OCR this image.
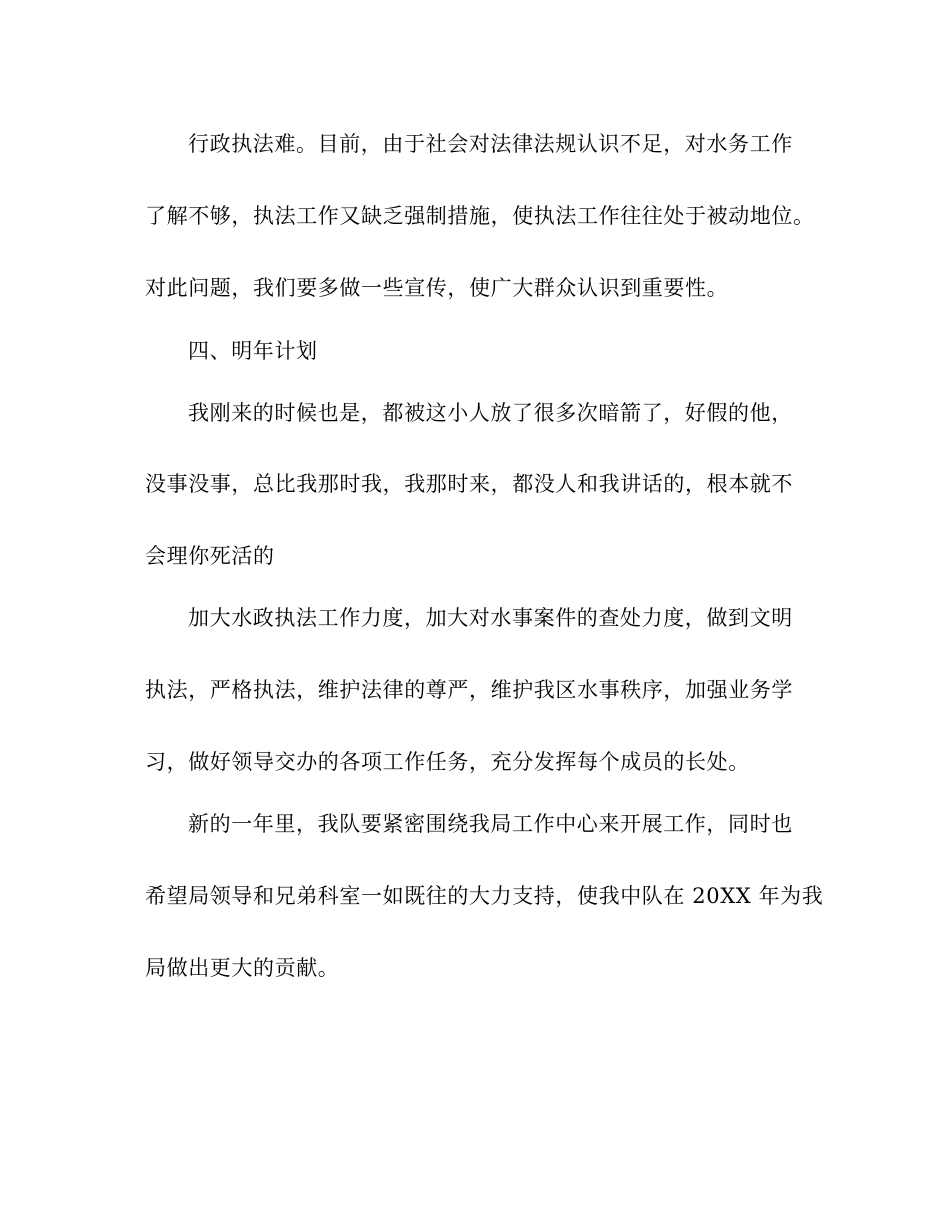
行政执法难。目前，由于社会对法律法规认识不足，对水务工作
了解不够，执法工作又缺乏强制措施，使执法工作往往处于被动地位。
对此问题，我们要多做一些宣传，使广大群众认识到重要性。
四、明年计划
我刚来的时候也是，都被这小人放了很多次暗箭了，好假的他，
没事没事，总比我那时我，我那时来，都没人和我讲话的，根本就不
会理你死活的
加大水政执法工作力度，加大对水事案件的查处力度，做到文明
执法，严格执法，维护法律的尊严，维护我区水事秩序，加强业务学
习，做好领导交办的各项工作任务，充分发挥每个成员的长处。
新的一年里，我队要紧密围绕我局工作中心来开展工作，同时也
希望局领导和兄弟科室一如既往的大力支持，使我中队在 20XX 年为我
局做出更大的贡献。
